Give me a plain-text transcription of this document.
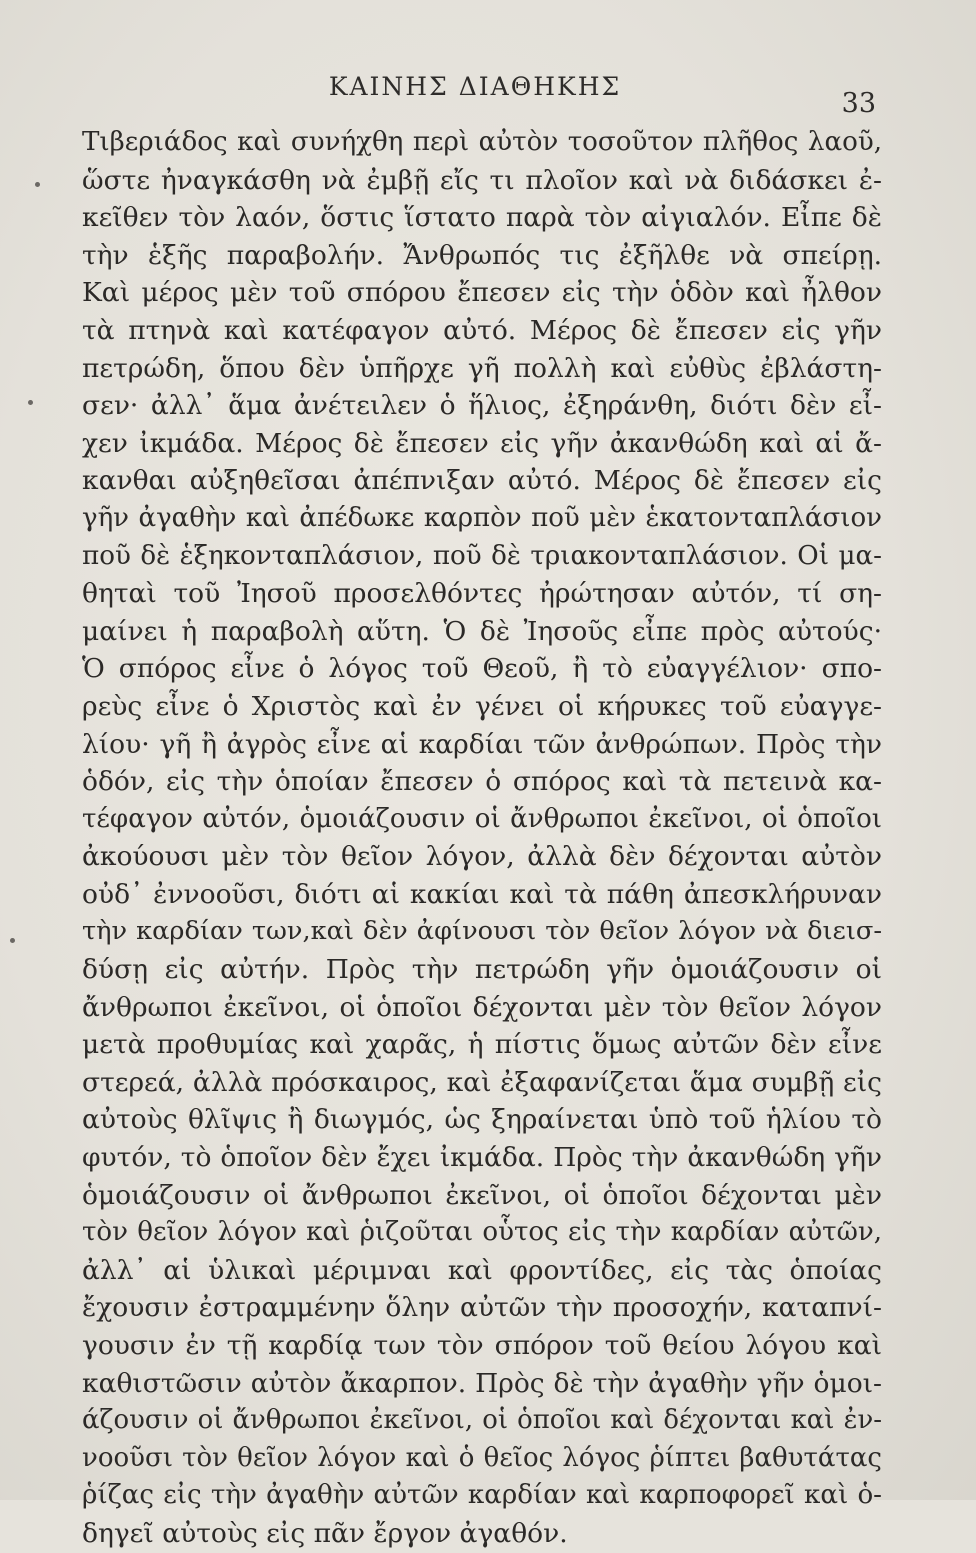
ΚΑΙΝΗΣ ΔΙΑΘΗΚΗΣ
33
Τιβεριάδος καὶ συνήχθη περὶ αὐτὸν τοσοῦτον πλῆθος λαοῦ,
ὥστε ἠναγκάσθη νὰ ἐμβῇ εἴς τι πλοῖον καὶ νὰ διδάσκει ἐ-
κεῖθεν τὸν λαόν, ὅστις ἵστατο παρὰ τὸν αἰγιαλόν. Εἶπε δὲ
τὴν ἑξῆς παραβολήν. Ἄνθρωπός τις ἐξῆλθε νὰ σπείρῃ.
Καὶ μέρος μὲν τοῦ σπόρου ἔπεσεν εἰς τὴν ὁδὸν καὶ ἦλθον
τὰ πτηνὰ καὶ κατέφαγον αὐτό. Μέρος δὲ ἔπεσεν εἰς γῆν
πετρώδη, ὅπου δὲν ὑπῆρχε γῆ πολλὴ καὶ εὐθὺς ἐβλάστη-
σεν· ἀλλ᾽ ἅμα ἀνέτειλεν ὁ ἥλιος, ἐξηράνθη, διότι δὲν εἶ-
χεν ἰκμάδα. Μέρος δὲ ἔπεσεν εἰς γῆν ἀκανθώδη καὶ αἱ ἄ-
κανθαι αὐξηθεῖσαι ἀπέπνιξαν αὐτό. Μέρος δὲ ἔπεσεν εἰς
γῆν ἀγαθὴν καὶ ἀπέδωκε καρπὸν ποῦ μὲν ἑκατονταπλάσιον
ποῦ δὲ ἑξηκονταπλάσιον, ποῦ δὲ τριακονταπλάσιον. Οἱ μα-
θηταὶ τοῦ Ἰησοῦ προσελθόντες ἠρώτησαν αὐτόν, τί ση-
μαίνει ἡ παραβολὴ αὕτη. Ὁ δὲ Ἰησοῦς εἶπε πρὸς αὐτούς·
Ὁ σπόρος εἶνε ὁ λόγος τοῦ Θεοῦ, ἢ τὸ εὐαγγέλιον· σπο-
ρεὺς εἶνε ὁ Χριστὸς καὶ ἐν γένει οἱ κήρυκες τοῦ εὐαγγε-
λίου· γῆ ἢ ἀγρὸς εἶνε αἱ καρδίαι τῶν ἀνθρώπων. Πρὸς τὴν
ὁδόν, εἰς τὴν ὁποίαν ἔπεσεν ὁ σπόρος καὶ τὰ πετεινὰ κα-
τέφαγον αὐτόν, ὁμοιάζουσιν οἱ ἄνθρωποι ἐκεῖνοι, οἱ ὁποῖοι
ἀκούουσι μὲν τὸν θεῖον λόγον, ἀλλὰ δὲν δέχονται αὐτὸν
οὐδ᾽ ἐννοοῦσι, διότι αἱ κακίαι καὶ τὰ πάθη ἀπεσκλήρυναν
τὴν καρδίαν των,καὶ δὲν ἀφίνουσι τὸν θεῖον λόγον νὰ διεισ-
δύσῃ εἰς αὐτήν. Πρὸς τὴν πετρώδη γῆν ὁμοιάζουσιν οἱ
ἄνθρωποι ἐκεῖνοι, οἱ ὁποῖοι δέχονται μὲν τὸν θεῖον λόγον
μετὰ προθυμίας καὶ χαρᾶς, ἡ πίστις ὅμως αὐτῶν δὲν εἶνε
στερεά, ἀλλὰ πρόσκαιρος, καὶ ἐξαφανίζεται ἅμα συμβῇ εἰς
αὐτοὺς θλῖψις ἢ διωγμός, ὡς ξηραίνεται ὑπὸ τοῦ ἡλίου τὸ
φυτόν, τὸ ὁποῖον δὲν ἔχει ἰκμάδα. Πρὸς τὴν ἀκανθώδη γῆν
ὁμοιάζουσιν οἱ ἄνθρωποι ἐκεῖνοι, οἱ ὁποῖοι δέχονται μὲν
τὸν θεῖον λόγον καὶ ῥιζοῦται οὗτος εἰς τὴν καρδίαν αὐτῶν,
ἀλλ᾽ αἱ ὑλικαὶ μέριμναι καὶ φροντίδες, εἰς τὰς ὁποίας
ἔχουσιν ἐστραμμένην ὅλην αὐτῶν τὴν προσοχήν, καταπνί-
γουσιν ἐν τῇ καρδίᾳ των τὸν σπόρον τοῦ θείου λόγου καὶ
καθιστῶσιν αὐτὸν ἄκαρπον. Πρὸς δὲ τὴν ἀγαθὴν γῆν ὁμοι-
άζουσιν οἱ ἄνθρωποι ἐκεῖνοι, οἱ ὁποῖοι καὶ δέχονται καὶ ἐν-
νοοῦσι τὸν θεῖον λόγον καὶ ὁ θεῖος λόγος ῥίπτει βαθυτάτας
ῥίζας εἰς τὴν ἀγαθὴν αὐτῶν καρδίαν καὶ καρποφορεῖ καὶ ὁ-
δηγεῖ αὐτοὺς εἰς πᾶν ἔργον ἀγαθόν.
